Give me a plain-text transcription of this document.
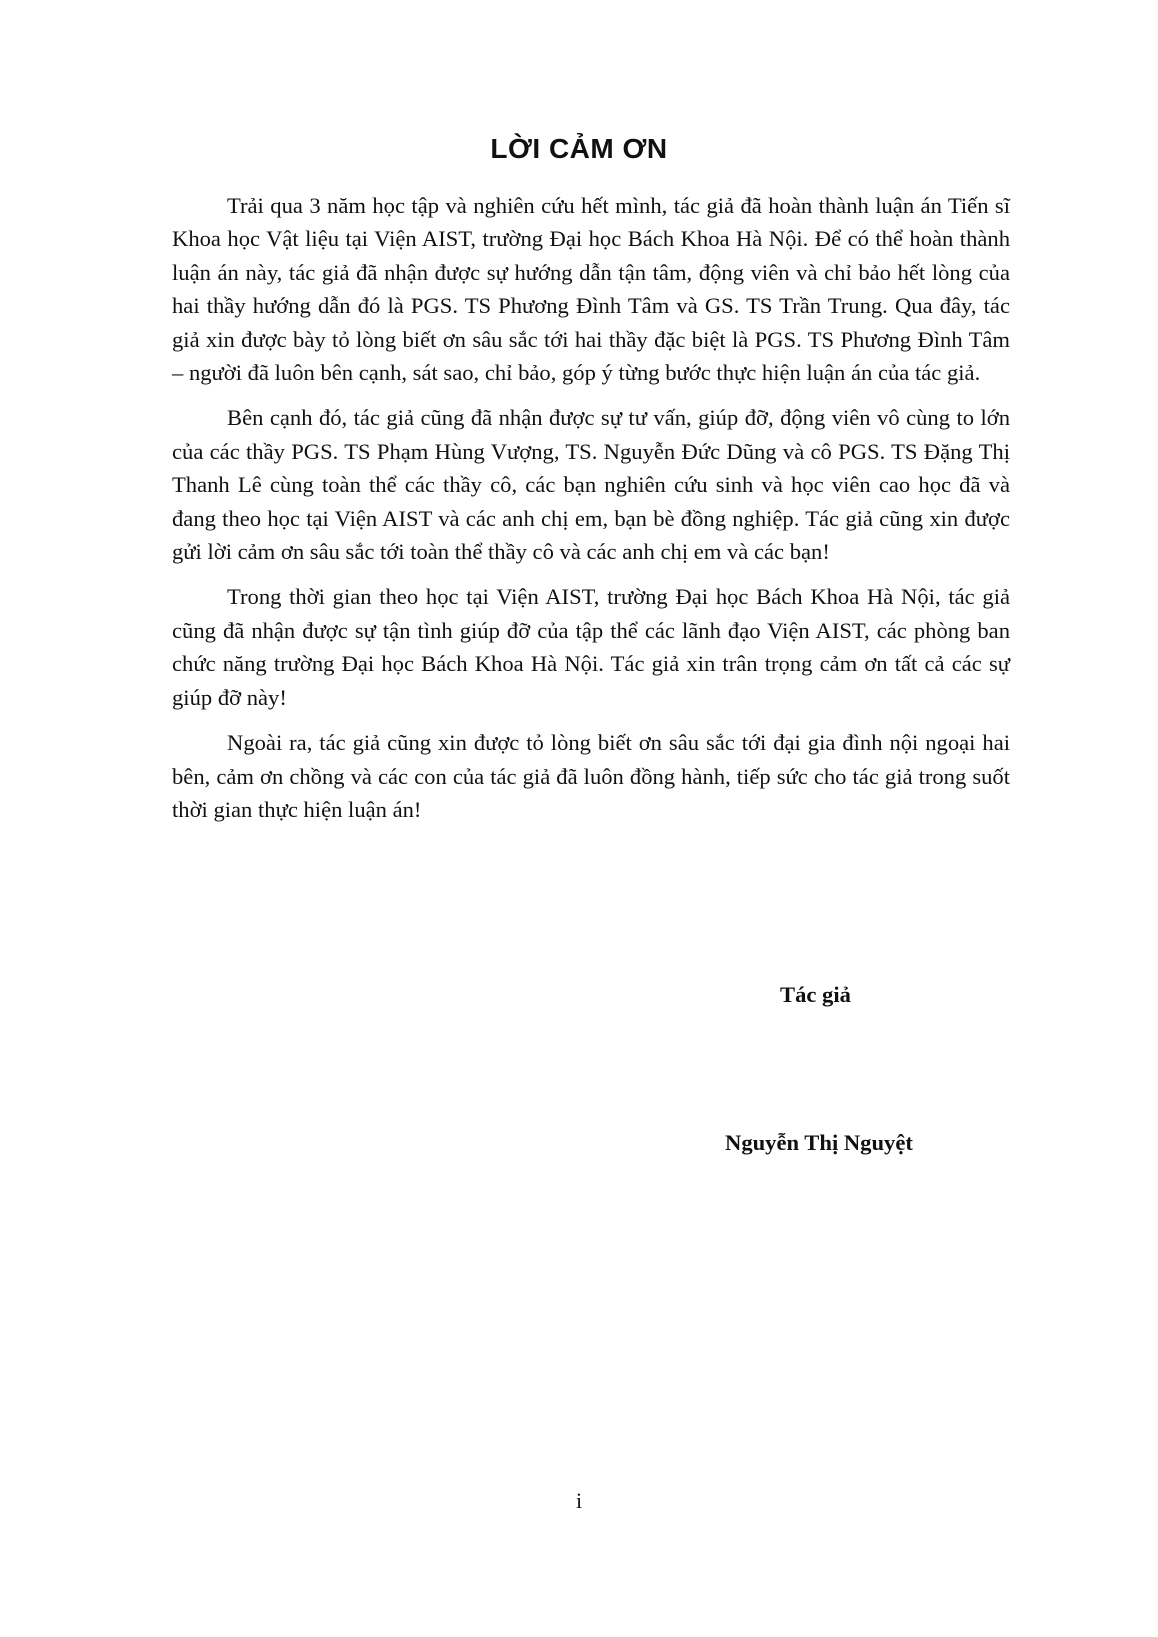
LỜI CẢM ƠN

Trải qua 3 năm học tập và nghiên cứu hết mình, tác giả đã hoàn thành luận án Tiến sĩ Khoa học Vật liệu tại Viện AIST, trường Đại học Bách Khoa Hà Nội. Để có thể hoàn thành luận án này, tác giả đã nhận được sự hướng dẫn tận tâm, động viên và chỉ bảo hết lòng của hai thầy hướng dẫn đó là PGS. TS Phương Đình Tâm và GS. TS Trần Trung. Qua đây, tác giả xin được bày tỏ lòng biết ơn sâu sắc tới hai thầy đặc biệt là PGS. TS Phương Đình Tâm – người đã luôn bên cạnh, sát sao, chỉ bảo, góp ý từng bước thực hiện luận án của tác giả.

Bên cạnh đó, tác giả cũng đã nhận được sự tư vấn, giúp đỡ, động viên vô cùng to lớn của các thầy PGS. TS Phạm Hùng Vượng, TS. Nguyễn Đức Dũng và cô PGS. TS Đặng Thị Thanh Lê cùng toàn thể các thầy cô, các bạn nghiên cứu sinh và học viên cao học đã và đang theo học tại Viện AIST và các anh chị em, bạn bè đồng nghiệp. Tác giả cũng xin được gửi lời cảm ơn sâu sắc tới toàn thể thầy cô và các anh chị em và các bạn!

Trong thời gian theo học tại Viện AIST, trường Đại học Bách Khoa Hà Nội, tác giả cũng đã nhận được sự tận tình giúp đỡ của tập thể các lãnh đạo Viện AIST, các phòng ban chức năng trường Đại học Bách Khoa Hà Nội. Tác giả xin trân trọng cảm ơn tất cả các sự giúp đỡ này!

Ngoài ra, tác giả cũng xin được tỏ lòng biết ơn sâu sắc tới đại gia đình nội ngoại hai bên, cảm ơn chồng và các con của tác giả đã luôn đồng hành, tiếp sức cho tác giả trong suốt thời gian thực hiện luận án!

Tác giả
Nguyễn Thị Nguyệt
i
